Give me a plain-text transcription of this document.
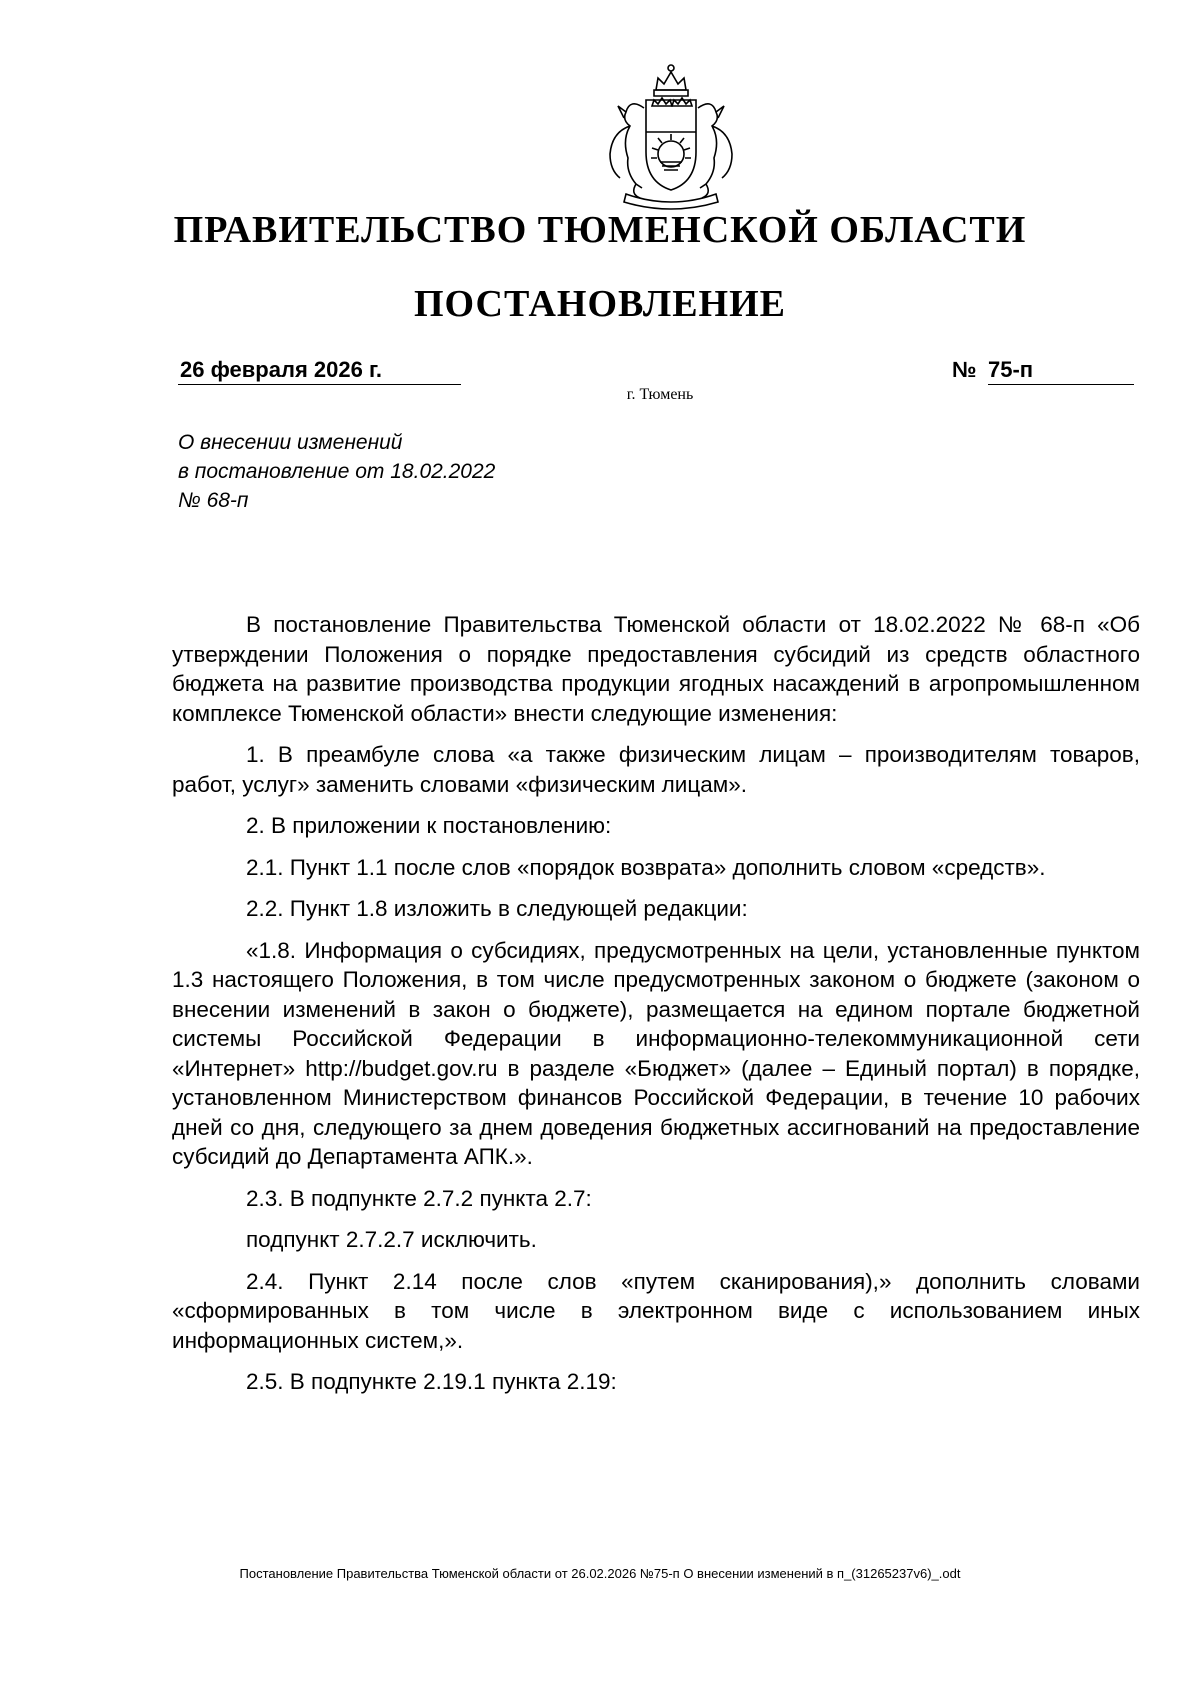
ПРАВИТЕЛЬСТВО ТЮМЕНСКОЙ ОБЛАСТИ
ПОСТАНОВЛЕНИЕ
26 февраля 2026 г.	№ 75-п
г. Тюмень
О внесении изменений
в постановление от 18.02.2022
№ 68-п

В постановление Правительства Тюменской области от 18.02.2022 № 68-п «Об утверждении Положения о порядке предоставления субсидий из средств областного бюджета на развитие производства продукции ягодных насаждений в агропромышленном комплексе Тюменской области» внести следующие изменения:

1. В преамбуле слова «а также физическим лицам – производителям товаров, работ, услуг» заменить словами «физическим лицам».

2. В приложении к постановлению:

2.1. Пункт 1.1 после слов «порядок возврата» дополнить словом «средств».

2.2. Пункт 1.8 изложить в следующей редакции:

«1.8. Информация о субсидиях, предусмотренных на цели, установленные пунктом 1.3 настоящего Положения, в том числе предусмотренных законом о бюджете (законом о внесении изменений в закон о бюджете), размещается на едином портале бюджетной системы Российской Федерации в информационно-телекоммуникационной сети «Интернет» http://budget.gov.ru в разделе «Бюджет» (далее – Единый портал) в порядке, установленном Министерством финансов Российской Федерации, в течение 10 рабочих дней со дня, следующего за днем доведения бюджетных ассигнований на предоставление субсидий до Департамента АПК.».

2.3. В подпункте 2.7.2 пункта 2.7:

подпункт 2.7.2.7 исключить.

2.4. Пункт 2.14 после слов «путем сканирования),» дополнить словами «сформированных в том числе в электронном виде с использованием иных информационных систем,».

2.5. В подпункте 2.19.1 пункта 2.19:

Постановление Правительства Тюменской области от 26.02.2026 №75-п О внесении изменений в п_(31265237v6)_.odt
